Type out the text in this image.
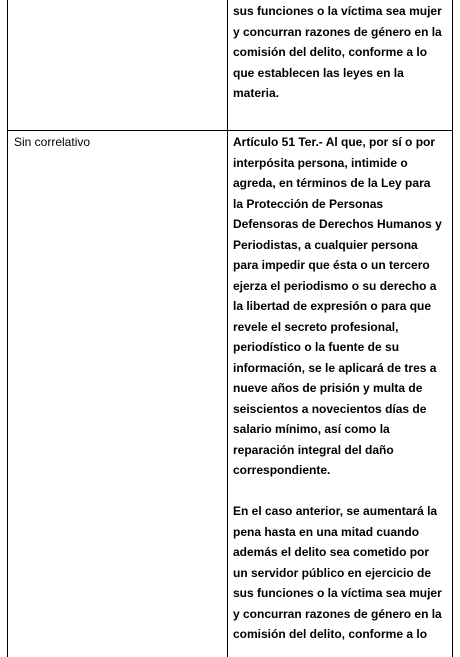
sus funciones o la víctima sea mujer
y concurran razones de género en la
comisión del delito, conforme a lo
que establecen las leyes en la
materia.
Sin correlativo	Artículo 51 Ter.- Al que, por sí o por
interpósita persona, intimide o
agreda, en términos de la Ley para
la Protección de Personas
Defensoras de Derechos Humanos y
Periodistas, a cualquier persona
para impedir que ésta o un tercero
ejerza el periodismo o su derecho a
la libertad de expresión o para que
revele el secreto profesional,
periodístico o la fuente de su
información, se le aplicará de tres a
nueve años de prisión y multa de
seiscientos a novecientos días de
salario mínimo, así como la
reparación integral del daño
correspondiente.

En el caso anterior, se aumentará la
pena hasta en una mitad cuando
además el delito sea cometido por
un servidor público en ejercicio de
sus funciones o la víctima sea mujer
y concurran razones de género en la
comisión del delito, conforme a lo
